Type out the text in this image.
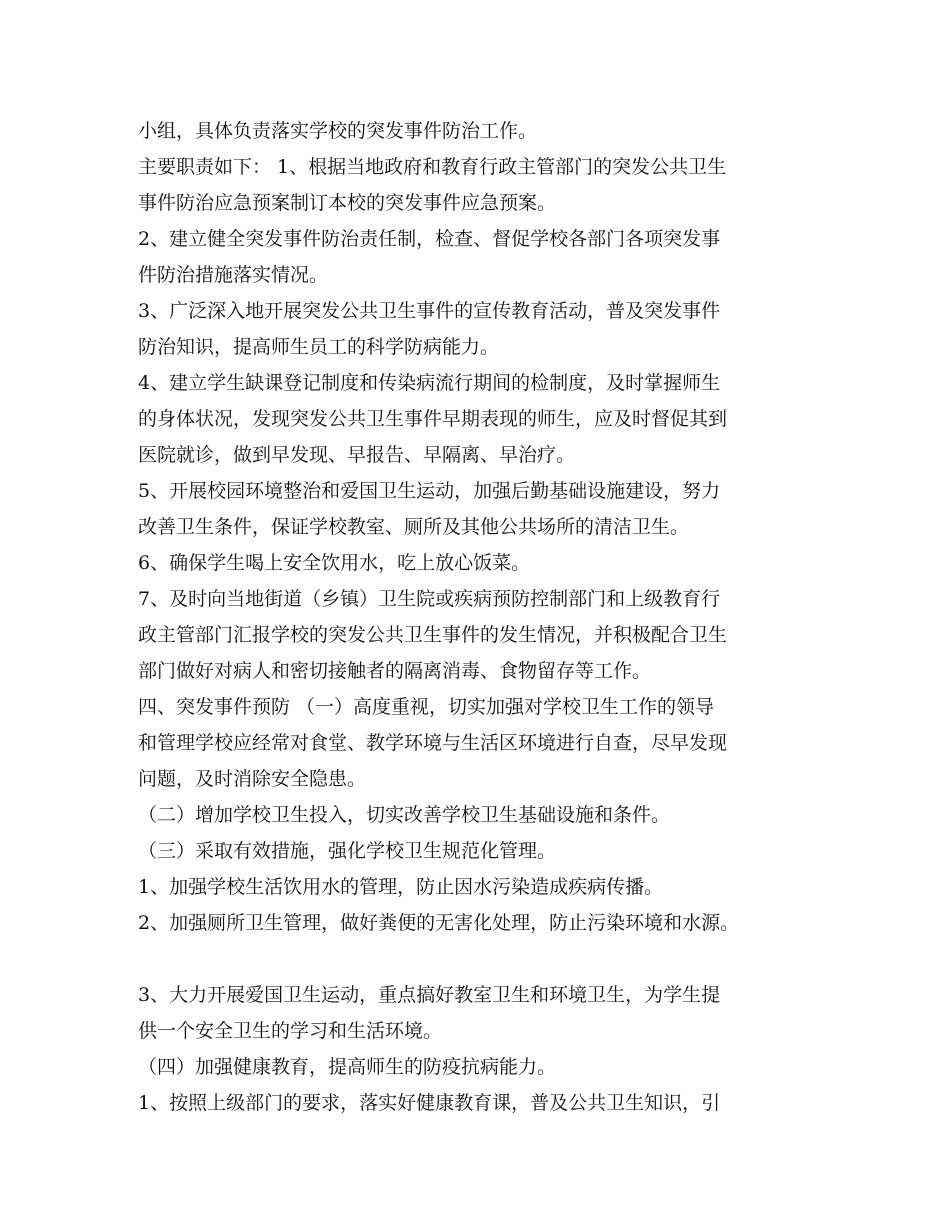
小组，具体负责落实学校的突发事件防治工作。
主要职责如下： 1、根据当地政府和教育行政主管部门的突发公共卫生
事件防治应急预案制订本校的突发事件应急预案。
2、建立健全突发事件防治责任制，检查、督促学校各部门各项突发事
件防治措施落实情况。
3、广泛深入地开展突发公共卫生事件的宣传教育活动，普及突发事件
防治知识，提高师生员工的科学防病能力。
4、建立学生缺课登记制度和传染病流行期间的检制度，及时掌握师生
的身体状况，发现突发公共卫生事件早期表现的师生，应及时督促其到
医院就诊，做到早发现、早报告、早隔离、早治疗。
5、开展校园环境整治和爱国卫生运动，加强后勤基础设施建设，努力
改善卫生条件，保证学校教室、厕所及其他公共场所的清洁卫生。
6、确保学生喝上安全饮用水，吃上放心饭菜。
7、及时向当地街道（乡镇）卫生院或疾病预防控制部门和上级教育行
政主管部门汇报学校的突发公共卫生事件的发生情况，并积极配合卫生
部门做好对病人和密切接触者的隔离消毒、食物留存等工作。
四、突发事件预防 （一）高度重视，切实加强对学校卫生工作的领导
和管理学校应经常对食堂、教学环境与生活区环境进行自查，尽早发现
问题，及时消除安全隐患。
（二）增加学校卫生投入，切实改善学校卫生基础设施和条件。
（三）采取有效措施，强化学校卫生规范化管理。
1、加强学校生活饮用水的管理，防止因水污染造成疾病传播。
2、加强厕所卫生管理，做好粪便的无害化处理，防止污染环境和水源。
3、大力开展爱国卫生运动，重点搞好教室卫生和环境卫生，为学生提
供一个安全卫生的学习和生活环境。
（四）加强健康教育，提高师生的防疫抗病能力。
1、按照上级部门的要求，落实好健康教育课，普及公共卫生知识，引
